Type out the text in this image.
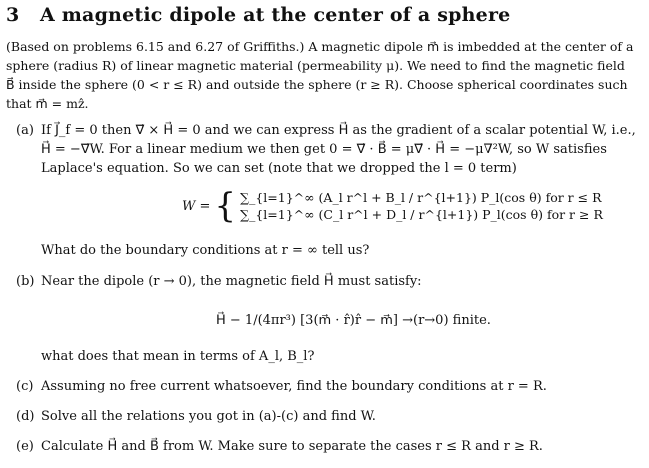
3 A magnetic dipole at the center of a sphere
(Based on problems 6.15 and 6.27 of Griffiths.) A magnetic dipole m⃗ is imbedded at the center of a
sphere (radius R) of linear magnetic material (permeability μ). We need to find the magnetic field
B⃗ inside the sphere (0 < r ≤ R) and outside the sphere (r ≥ R). Choose spherical coordinates such
that m⃗ = mẑ.
(a) If J⃗_f = 0 then ∇⃗ × H⃗ = 0 and we can express H⃗ as the gradient of a scalar potential W, i.e.,
H⃗ = −∇⃗W. For a linear medium we then get 0 = ∇⃗ · B⃗ = μ∇⃗ · H⃗ = −μ∇²W, so W satisfies
Laplace's equation. So we can set (note that we dropped the l = 0 term)
W = { ∑_{l=1}^∞ (A_l r^l + B_l / r^{l+1}) P_l(cos θ) for r ≤ R
∑_{l=1}^∞ (C_l r^l + D_l / r^{l+1}) P_l(cos θ) for r ≥ R
What do the boundary conditions at r = ∞ tell us?
(b) Near the dipole (r → 0), the magnetic field H⃗ must satisfy:
H⃗ − 1/(4πr³) [3(m⃗ · r̂)r̂ − m⃗] →(r→0) finite.
what does that mean in terms of A_l, B_l?
(c) Assuming no free current whatsoever, find the boundary conditions at r = R.
(d) Solve all the relations you got in (a)-(c) and find W.
(e) Calculate H⃗ and B⃗ from W. Make sure to separate the cases r ≤ R and r ≥ R.
